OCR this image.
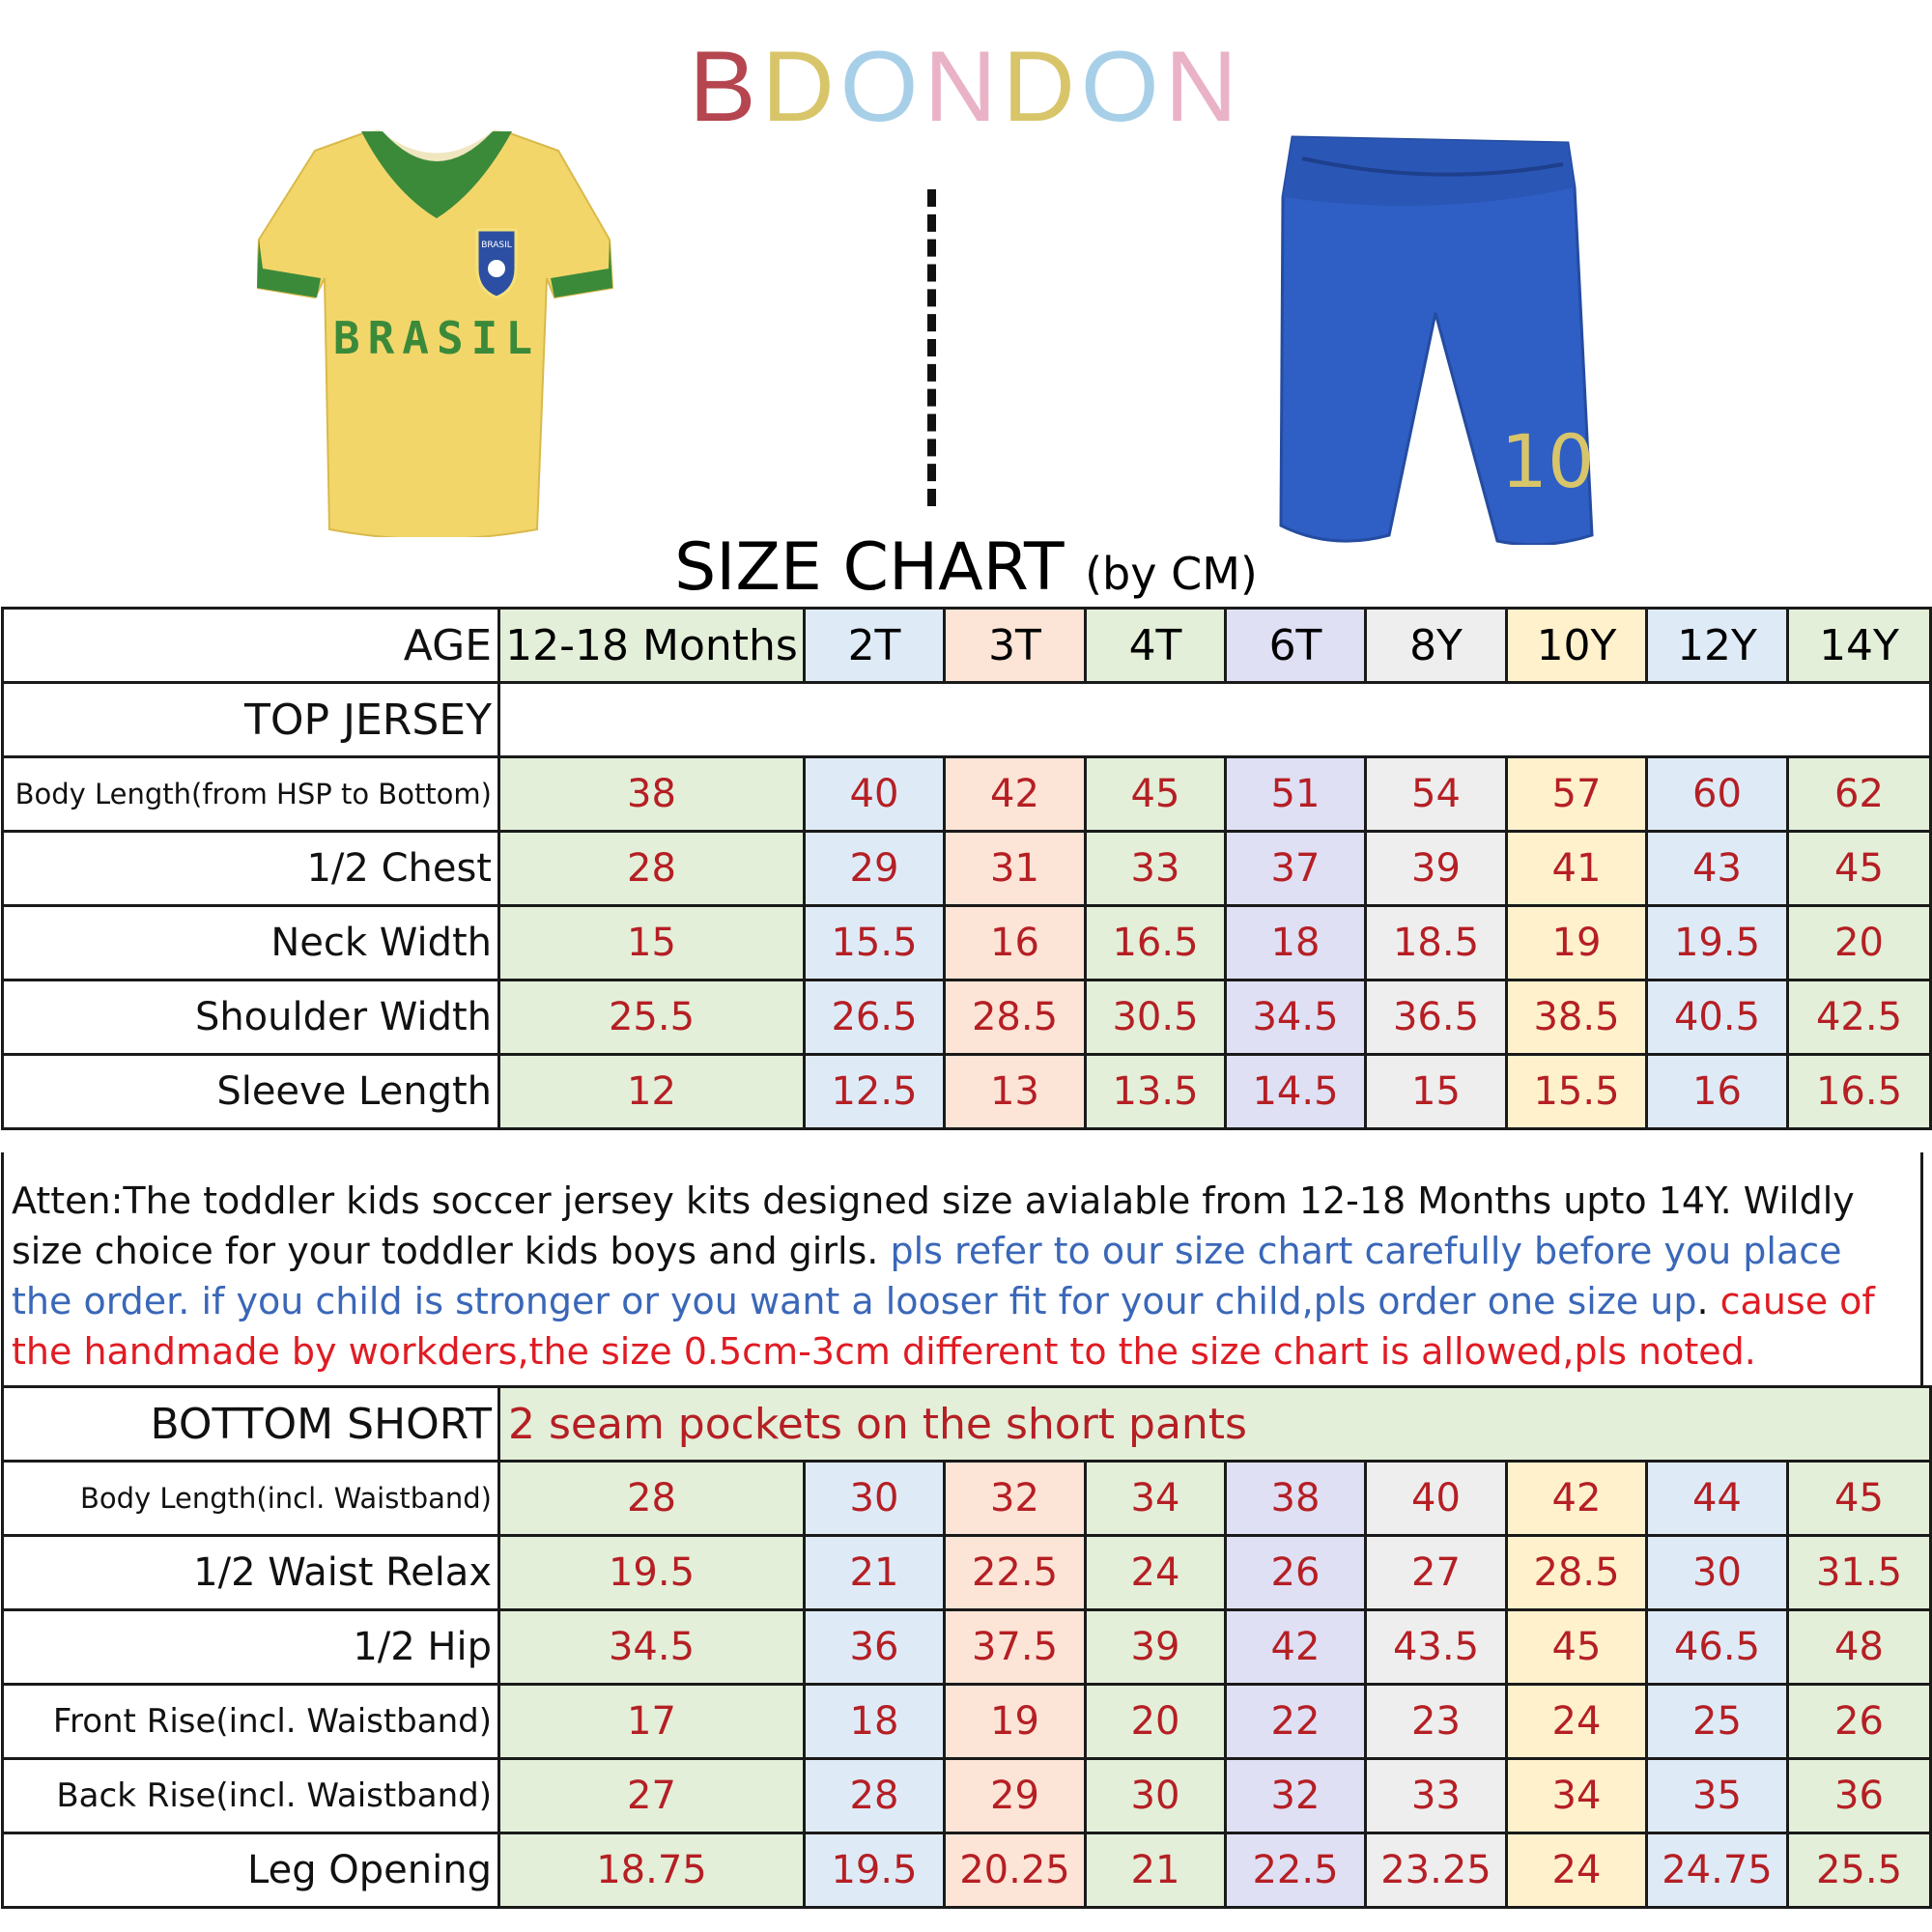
BDONDON
BRASIL
BRASIL
10
SIZE CHART (by CM)
AGE	12-18 Months	2T	3T	4T	6T	8Y	10Y	12Y	14Y
TOP JERSEY									
Body Length(from HSP to Bottom)	38	40	42	45	51	54	57	60	62
1/2 Chest	28	29	31	33	37	39	41	43	45
Neck Width	15	15.5	16	16.5	18	18.5	19	19.5	20
Shoulder Width	25.5	26.5	28.5	30.5	34.5	36.5	38.5	40.5	42.5
Sleeve Length	12	12.5	13	13.5	14.5	15	15.5	16	16.5
Atten:The toddler kids soccer jersey kits designed size avialable from 12-18 Months upto 14Y. Wildly size choice for your toddler kids boys and girls. pls refer to our size chart carefully before you place the order. if you child is stronger or you want a looser fit for your child,pls order one size up. cause of the handmade by workders,the size 0.5cm-3cm different to the size chart is allowed,pls noted.
BOTTOM SHORT	2 seam pockets on the short pants								
Body Length(incl. Waistband)	28	30	32	34	38	40	42	44	45
1/2 Waist Relax	19.5	21	22.5	24	26	27	28.5	30	31.5
1/2 Hip	34.5	36	37.5	39	42	43.5	45	46.5	48
Front Rise(incl. Waistband)	17	18	19	20	22	23	24	25	26
Back Rise(incl. Waistband)	27	28	29	30	32	33	34	35	36
Leg Opening	18.75	19.5	20.25	21	22.5	23.25	24	24.75	25.5
